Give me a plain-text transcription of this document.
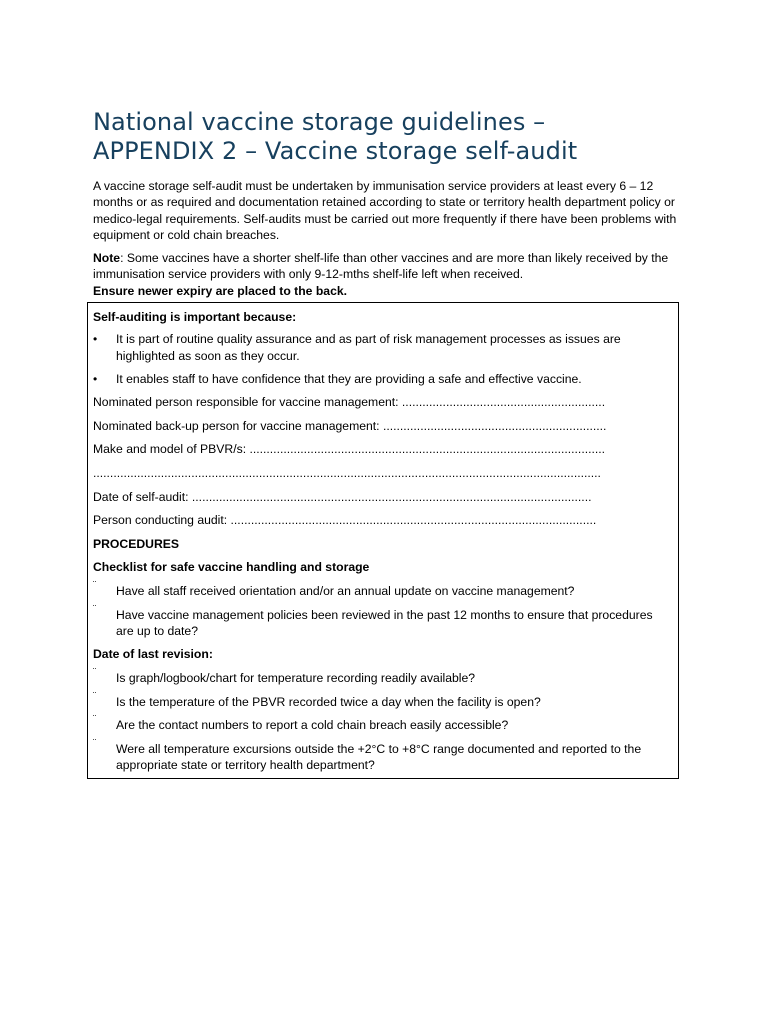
National vaccine storage guidelines –
APPENDIX 2 – Vaccine storage self-audit

A vaccine storage self-audit must be undertaken by immunisation service providers at least every 6 – 12 months or as required and documentation retained according to state or territory health department policy or medico-legal requirements. Self-audits must be carried out more frequently if there have been problems with equipment or cold chain breaches.

Note: Some vaccines have a shorter shelf-life than other vaccines and are more than likely received by the immunisation service providers with only 9-12-mths shelf-life left when received.
Ensure newer expiry are placed to the back.

Self-auditing is important because:

• It is part of routine quality assurance and as part of risk management processes as issues are highlighted as soon as they occur.
• It enables staff to have confidence that they are providing a safe and effective vaccine.
Nominated person responsible for vaccine management: ............................................................
Nominated back-up person for vaccine management: ..................................................................
Make and model of PBVR/s: .........................................................................................................
......................................................................................................................................................
Date of self-audit: ......................................................................................................................
Person conducting audit: ............................................................................................................
PROCEDURES
Checklist for safe vaccine handling and storage
¨ Have all staff received orientation and/or an annual update on vaccine management?
¨ Have vaccine management policies been reviewed in the past 12 months to ensure that procedures are up to date?
Date of last revision:
¨ Is graph/logbook/chart for temperature recording readily available?
¨ Is the temperature of the PBVR recorded twice a day when the facility is open?
¨ Are the contact numbers to report a cold chain breach easily accessible?
¨ Were all temperature excursions outside the +2°C to +8°C range documented and reported to the appropriate state or territory health department?
